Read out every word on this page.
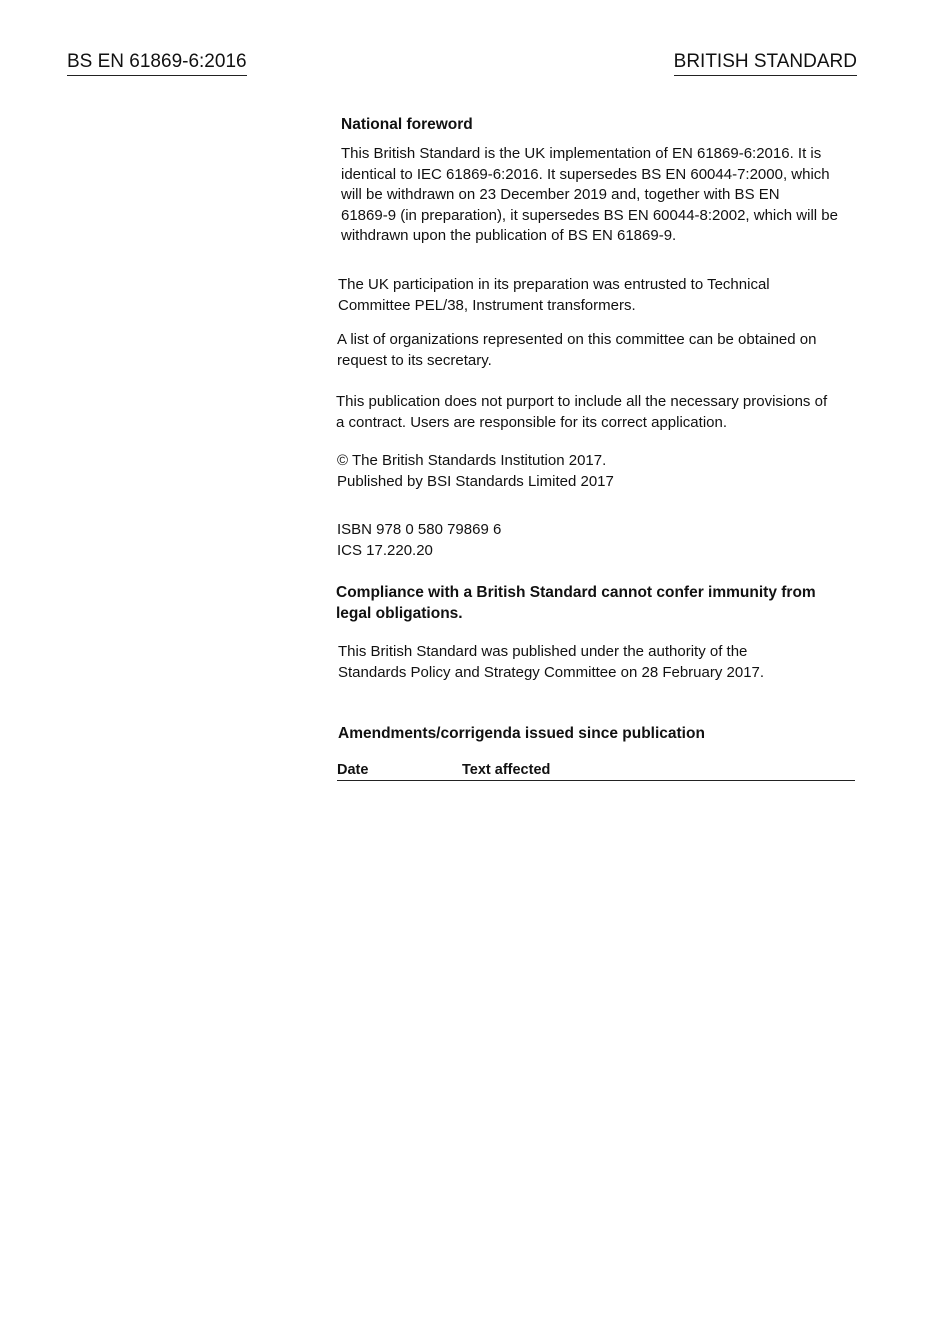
BS EN 61869-6:2016	BRITISH STANDARD
National foreword
This British Standard is the UK implementation of EN 61869-6:2016. It is
identical to IEC 61869-6:2016. It supersedes BS EN 60044-7:2000, which
will be withdrawn on 23 December 2019 and, together with BS EN
61869-9 (in preparation), it supersedes BS EN 60044-8:2002, which will be
withdrawn upon the publication of BS EN 61869-9.
The UK participation in its preparation was entrusted to Technical
Committee PEL/38, Instrument transformers.
A list of organizations represented on this committee can be obtained on
request to its secretary.
This publication does not purport to include all the necessary provisions of
a contract. Users are responsible for its correct application.
© The British Standards Institution 2017.
Published by BSI Standards Limited 2017
ISBN 978 0 580 79869 6
ICS 17.220.20
Compliance with a British Standard cannot confer immunity from
legal obligations.
This British Standard was published under the authority of the
Standards Policy and Strategy Committee on 28 February 2017.
Amendments/corrigenda issued since publication
Date	Text affected
